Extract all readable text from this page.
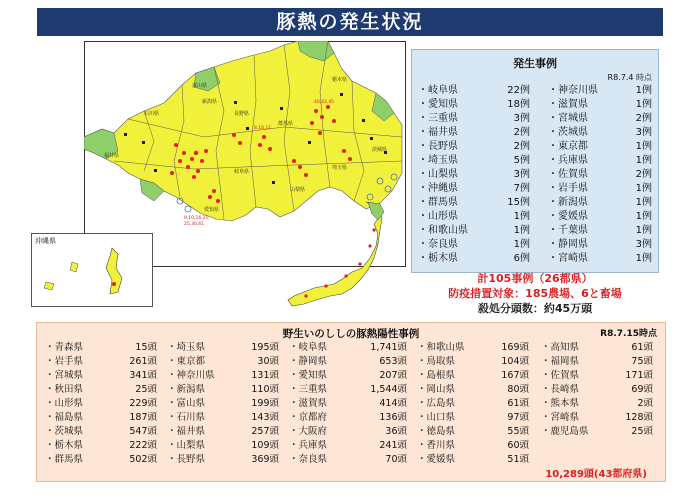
豚熱の発生状況
新潟県
富山県
石川県
福井県
長野県
群馬県
栃木県
茨城県
埼玉県
山梨県
愛知県
岐阜県
9,10,16,21,
25,30,61
8,10,11
40,42,45
沖縄県
発生事例
R8.7.4 時点
・岐阜県	22例
・愛知県	18例
・三重県	3例
・福井県	2例
・長野県	2例
・埼玉県	5例
・山梨県	3例
・沖縄県	7例
・群馬県	15例
・山形県	1例
・和歌山県	1例
・奈良県	1例
・栃木県	6例
・神奈川県	1例
・滋賀県	1例
・宮城県	2例
・茨城県	3例
・東京都	1例
・兵庫県	1例
・佐賀県	2例
・岩手県	1例
・新潟県	1例
・愛媛県	1例
・千葉県	1例
・静岡県	3例
・宮崎県	1例
計105事例（26都県）
防疫措置対象：185農場、6と畜場
殺処分頭数：約45万頭
野生いのししの豚熱陽性事例	R8.7.15時点
・青森県	15頭
・岩手県	261頭
・宮城県	341頭
・秋田県	25頭
・山形県	229頭
・福島県	187頭
・茨城県	547頭
・栃木県	222頭
・群馬県	502頭
・埼玉県	195頭
・東京都	30頭
・神奈川県	131頭
・新潟県	110頭
・富山県	199頭
・石川県	143頭
・福井県	257頭
・山梨県	109頭
・長野県	369頭
・岐阜県	1,741頭
・静岡県	653頭
・愛知県	207頭
・三重県	1,544頭
・滋賀県	414頭
・京都府	136頭
・大阪府	36頭
・兵庫県	241頭
・奈良県	70頭
・和歌山県	169頭
・鳥取県	104頭
・島根県	167頭
・岡山県	80頭
・広島県	61頭
・山口県	97頭
・徳島県	55頭
・香川県	60頭
・愛媛県	51頭
・高知県	61頭
・福岡県	75頭
・佐賀県	171頭
・長崎県	69頭
・熊本県	2頭
・宮崎県	128頭
・鹿児島県	25頭
10,289頭(43都府県)
